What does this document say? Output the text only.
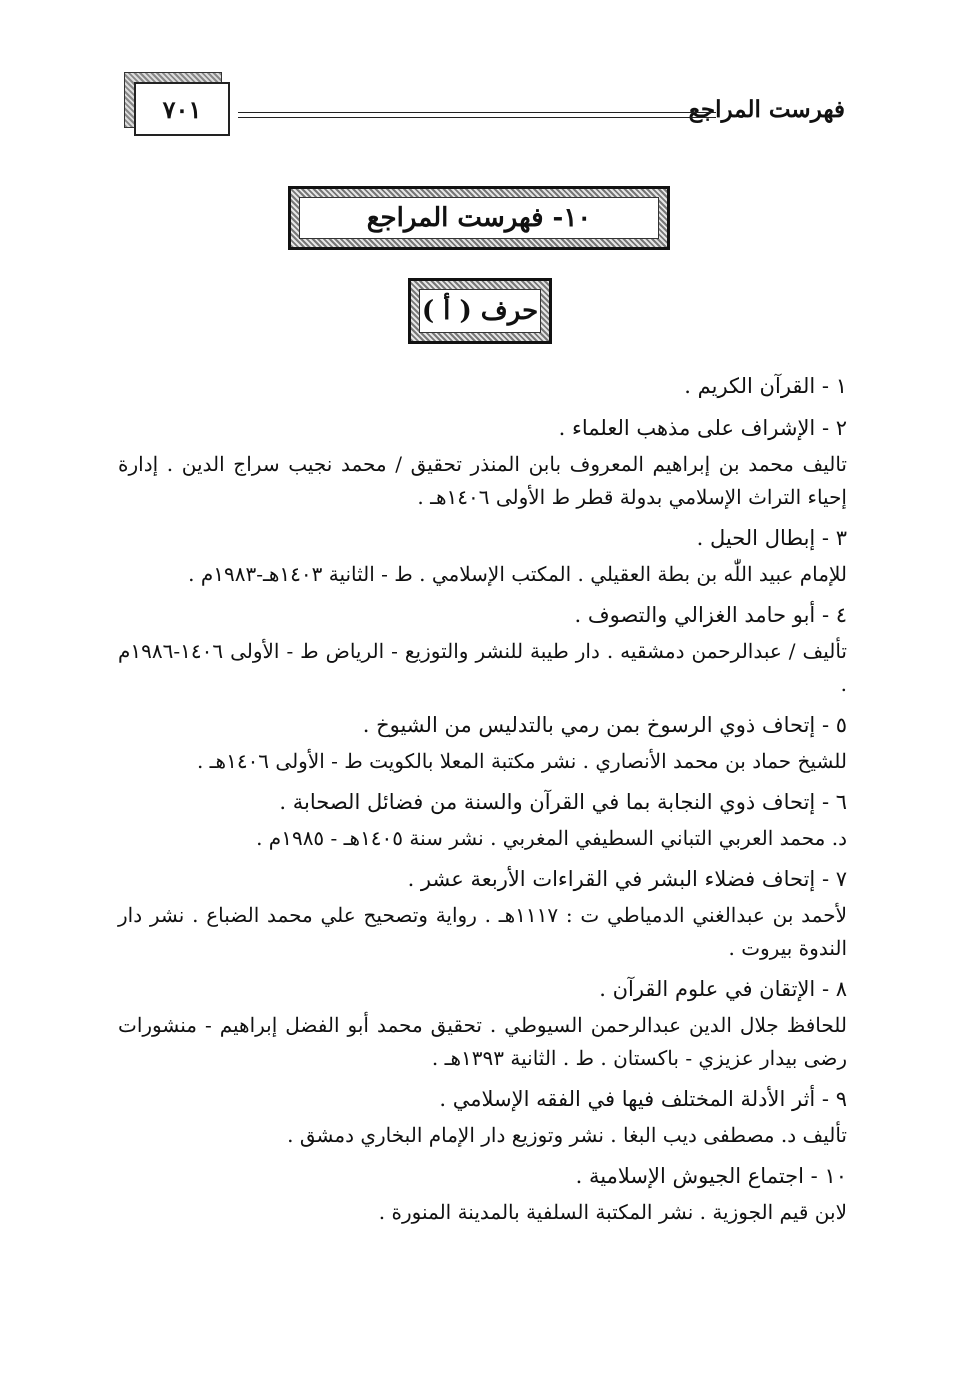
فهرست المراجع
٧٠١
١٠- فهرست المراجع
حرف ( أ )
١ - القرآن الكريم .
٢ - الإشراف على مذهب العلماء .
تاليف محمد بن إبراهيم المعروف بابن المنذر تحقيق / محمد نجيب سراج الدين . إدارة إحياء التراث الإسلامي بدولة قطر ط الأولى ١٤٠٦هـ .
٣ - إبطال الحيل .
للإمام عبيد اللّٰه بن بطة العقيلي . المكتب الإسلامي . ط - الثانية ١٤٠٣هـ-١٩٨٣م .
٤ - أبو حامد الغزالي والتصوف .
تأليف / عبدالرحمن دمشقيه . دار طيبة للنشر والتوزيع - الرياض ط - الأولى ١٤٠٦-١٩٨٦م .
٥ - إتحاف ذوي الرسوخ بمن رمي بالتدليس من الشيوخ .
للشيخ حماد بن محمد الأنصاري . نشر مكتبة المعلا بالكويت ط - الأولى ١٤٠٦هـ .
٦ - إتحاف ذوي النجابة بما في القرآن والسنة من فضائل الصحابة .
د. محمد العربي التباني السطيفي المغربي . نشر سنة ١٤٠٥هـ - ١٩٨٥م .
٧ - إتحاف فضلاء البشر في القراءات الأربعة عشر .
لأحمد بن عبدالغني الدمياطي ت : ١١١٧هـ . رواية وتصحيح علي محمد الضباع . نشر دار الندوة بيروت .
٨ - الإتقان في علوم القرآن .
للحافظ جلال الدين عبدالرحمن السيوطي . تحقيق محمد أبو الفضل إبراهيم - منشورات رضى بيدار عزيزي - باكستان . ط . الثانية ١٣٩٣هـ .
٩ - أثر الأدلة المختلف فيها في الفقه الإسلامي .
تأليف د. مصطفى ديب البغا . نشر وتوزيع دار الإمام البخاري دمشق .
١٠ - اجتماع الجيوش الإسلامية .
لابن قيم الجوزية . نشر المكتبة السلفية بالمدينة المنورة .
